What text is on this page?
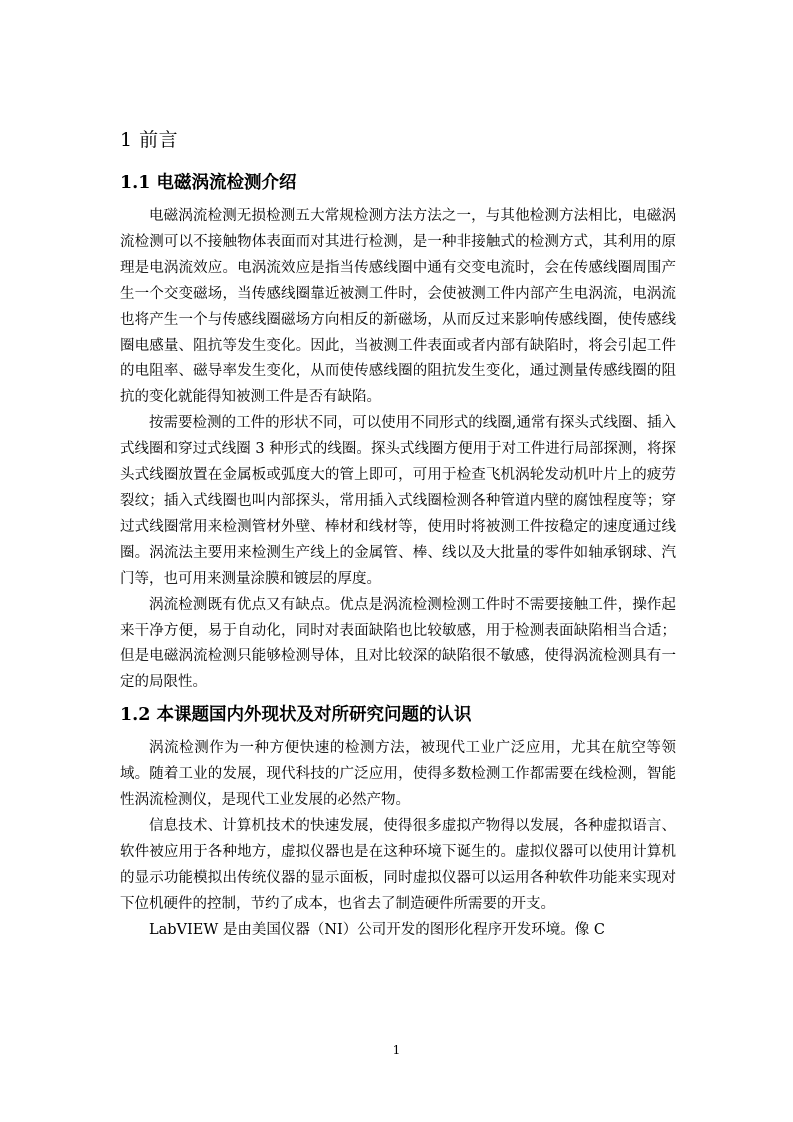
1 前言
1.1 电磁涡流检测介绍

电磁涡流检测无损检测五大常规检测方法方法之一，与其他检测方法相比，电磁涡流检测可以不接触物体表面而对其进行检测，是一种非接触式的检测方式，其利用的原理是电涡流效应。电涡流效应是指当传感线圈中通有交变电流时，会在传感线圈周围产生一个交变磁场，当传感线圈靠近被测工件时，会使被测工件内部产生电涡流，电涡流也将产生一个与传感线圈磁场方向相反的新磁场，从而反过来影响传感线圈，使传感线圈电感量、阻抗等发生变化。因此，当被测工件表面或者内部有缺陷时，将会引起工件的电阻率、磁导率发生变化，从而使传感线圈的阻抗发生变化，通过测量传感线圈的阻抗的变化就能得知被测工件是否有缺陷。

按需要检测的工件的形状不同，可以使用不同形式的线圈,通常有探头式线圈、插入式线圈和穿过式线圈 3 种形式的线圈。探头式线圈方便用于对工件进行局部探测，将探头式线圈放置在金属板或弧度大的管上即可，可用于检查飞机涡轮发动机叶片上的疲劳裂纹；插入式线圈也叫内部探头，常用插入式线圈检测各种管道内壁的腐蚀程度等；穿过式线圈常用来检测管材外壁、棒材和线材等，使用时将被测工件按稳定的速度通过线圈。涡流法主要用来检测生产线上的金属管、棒、线以及大批量的零件如轴承钢球、汽门等，也可用来测量涂膜和镀层的厚度。

涡流检测既有优点又有缺点。优点是涡流检测检测工件时不需要接触工件，操作起来干净方便，易于自动化，同时对表面缺陷也比较敏感，用于检测表面缺陷相当合适；但是电磁涡流检测只能够检测导体，且对比较深的缺陷很不敏感，使得涡流检测具有一定的局限性。

1.2 本课题国内外现状及对所研究问题的认识

涡流检测作为一种方便快速的检测方法，被现代工业广泛应用，尤其在航空等领域。随着工业的发展，现代科技的广泛应用，使得多数检测工作都需要在线检测，智能性涡流检测仪，是现代工业发展的必然产物。

信息技术、计算机技术的快速发展，使得很多虚拟产物得以发展，各种虚拟语言、软件被应用于各种地方，虚拟仪器也是在这种环境下诞生的。虚拟仪器可以使用计算机的显示功能模拟出传统仪器的显示面板，同时虚拟仪器可以运用各种软件功能来实现对下位机硬件的控制，节约了成本，也省去了制造硬件所需要的开支。

LabVIEW 是由美国仪器（NI）公司开发的图形化程序开发环境。像 C

1
